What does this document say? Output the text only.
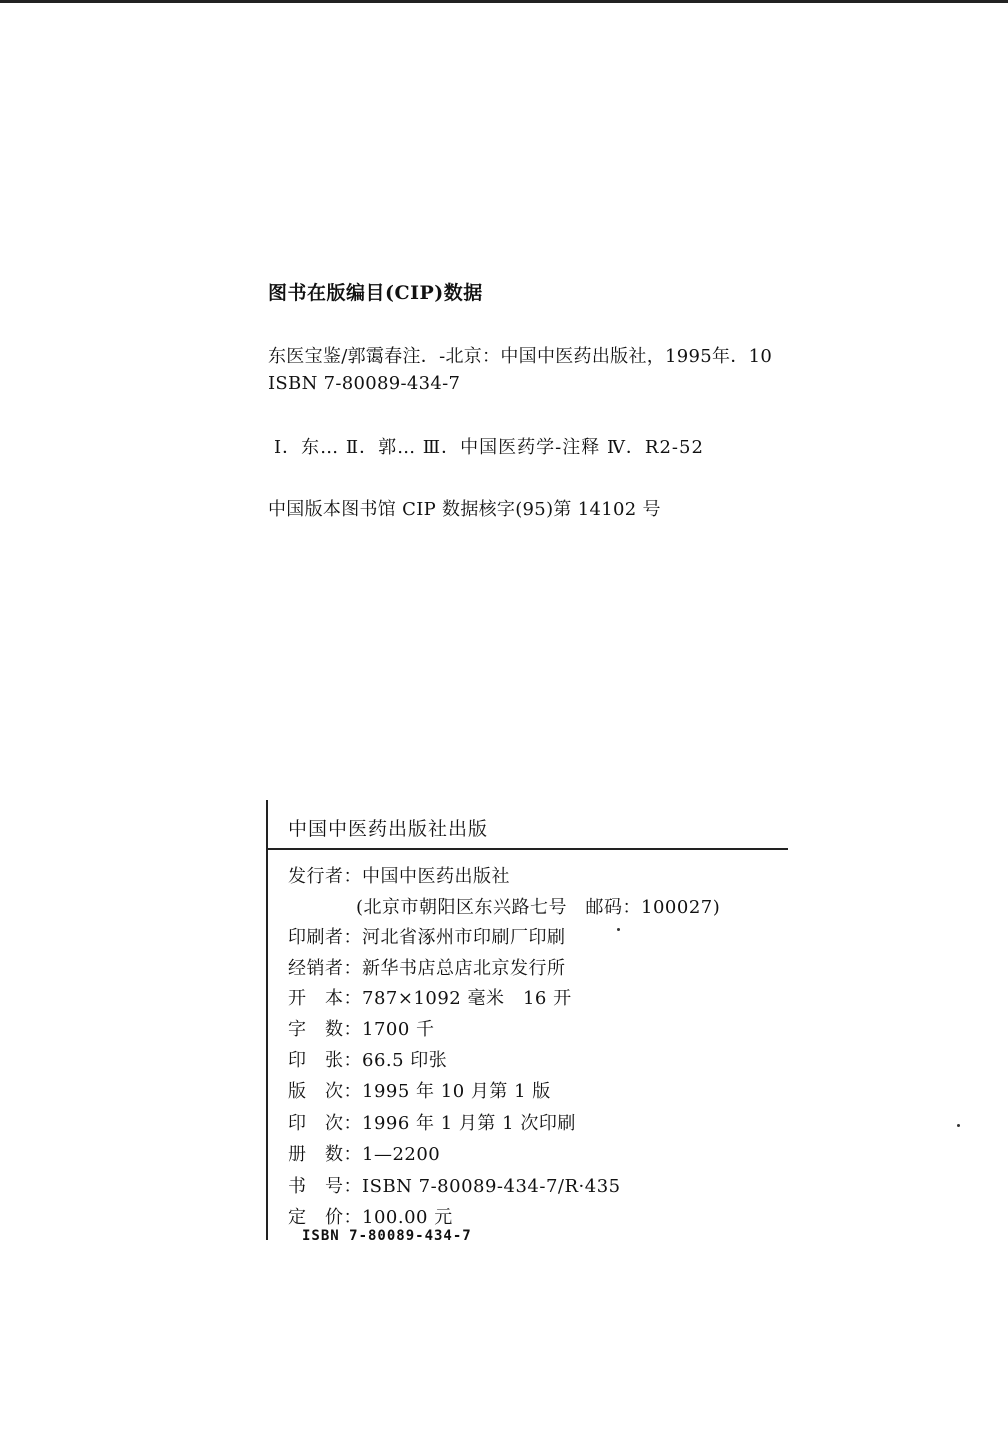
图书在版编目(CIP)数据
东医宝鉴/郭霭春注．-北京：中国中医药出版社，1995年．10
ISBN 7-80089-434-7
Ⅰ．东… Ⅱ．郭… Ⅲ．中国医药学-注释 Ⅳ．R2-52
中国版本图书馆 CIP 数据核字(95)第 14102 号
中国中医药出版社出版
发行者：中国中医药出版社
(北京市朝阳区东兴路七号　邮码：100027)
印刷者：河北省涿州市印刷厂印刷
经销者：新华书店总店北京发行所
开　本：787×1092 毫米　16 开
字　数：1700 千
印　张：66.5 印张
版　次：1995 年 10 月第 1 版
印　次：1996 年 1 月第 1 次印刷
册　数：1—2200
书　号：ISBN 7-80089-434-7/R·435
定　价：100.00 元
ISBN 7-80089-434-7
